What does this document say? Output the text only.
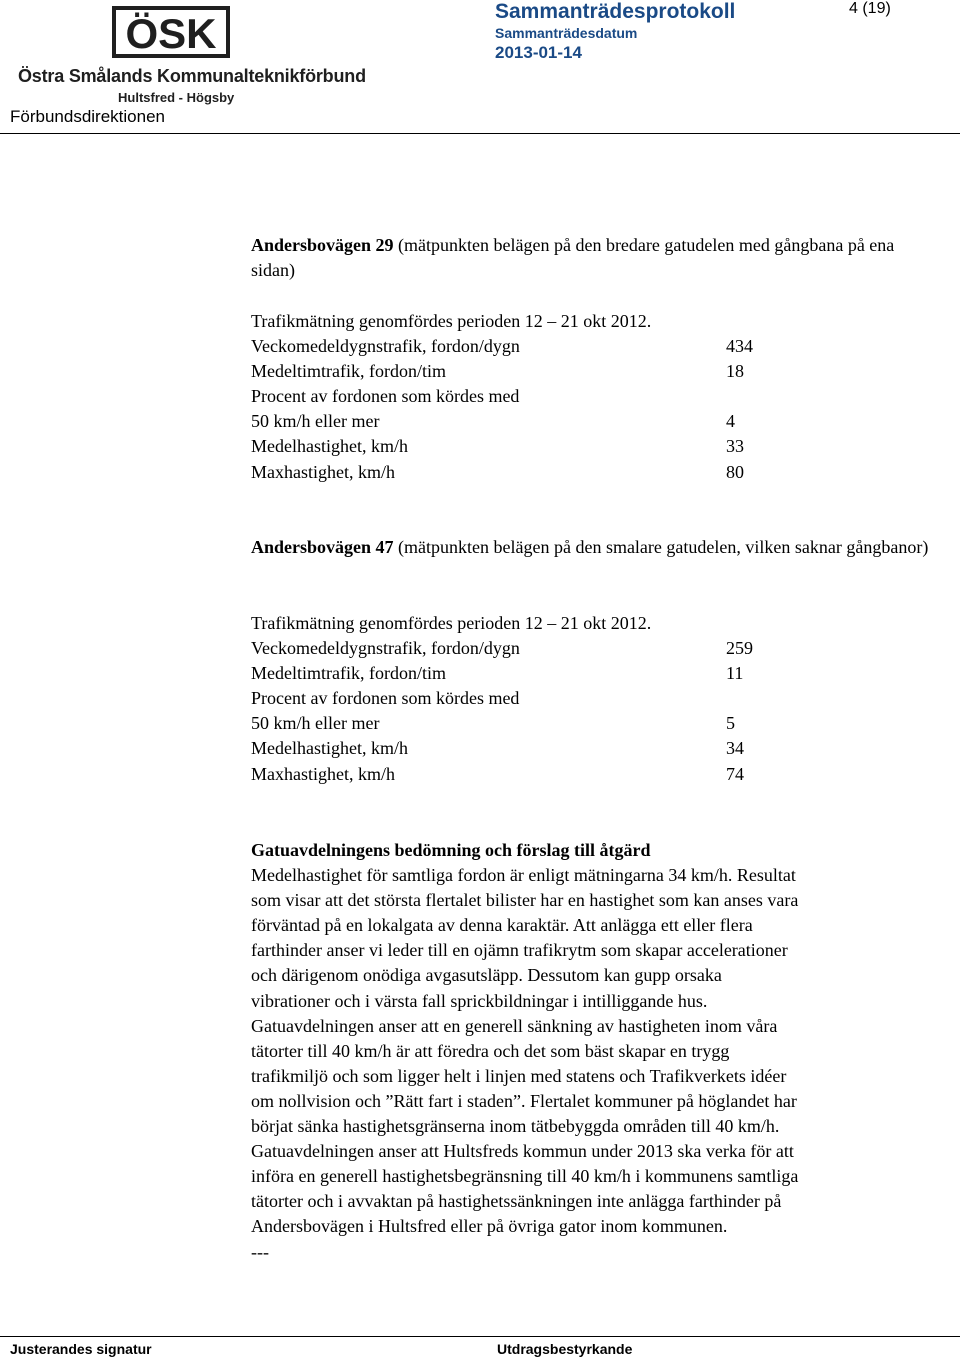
ÖSK
Östra Smålands Kommunalteknikförbund
Hultsfred - Högsby
Förbundsdirektionen
Sammanträdesprotokoll
Sammanträdesdatum
2013-01-14
4 (19)
Andersbovägen 29 (mätpunkten belägen på den bredare gatudelen med gångbana på ena sidan)
Trafikmätning genomfördes perioden 12 – 21 okt 2012.
Veckomedeldygnstrafik, fordon/dygn	434
Medeltimtrafik, fordon/tim	18
Procent av fordonen som kördes med
50 km/h eller mer	4
Medelhastighet, km/h	33
Maxhastighet, km/h	80
Andersbovägen 47 (mätpunkten belägen på den smalare gatudelen, vilken saknar gångbanor)
Trafikmätning genomfördes perioden 12 – 21 okt 2012.
Veckomedeldygnstrafik, fordon/dygn	259
Medeltimtrafik, fordon/tim	11
Procent av fordonen som kördes med
50 km/h eller mer	5
Medelhastighet, km/h	34
Maxhastighet, km/h	74
Gatuavdelningens bedömning och förslag till åtgärd
Medelhastighet för samtliga fordon är enligt mätningarna 34 km/h. Resultat
som visar att det största flertalet bilister har en hastighet som kan anses vara
förväntad på en lokalgata av denna karaktär. Att anlägga ett eller flera
farthinder anser vi leder till en ojämn trafikrytm som skapar accelerationer
och därigenom onödiga avgasutsläpp. Dessutom kan gupp orsaka
vibrationer och i värsta fall sprickbildningar i intilliggande hus.
Gatuavdelningen anser att en generell sänkning av hastigheten inom våra
tätorter till 40 km/h är att föredra och det som bäst skapar en trygg
trafikmiljö och som ligger helt i linjen med statens och Trafikverkets idéer
om nollvision och ”Rätt fart i staden”. Flertalet kommuner på höglandet har
börjat sänka hastighetsgränserna inom tätbebyggda områden till 40 km/h.
Gatuavdelningen anser att Hultsfreds kommun under 2013 ska verka för att
införa en generell hastighetsbegränsning till 40 km/h i kommunens samtliga
tätorter och i avvaktan på hastighetssänkningen inte anlägga farthinder på
Andersbovägen i Hultsfred eller på övriga gator inom kommunen.
---
Justerandes signatur	Utdragsbestyrkande
